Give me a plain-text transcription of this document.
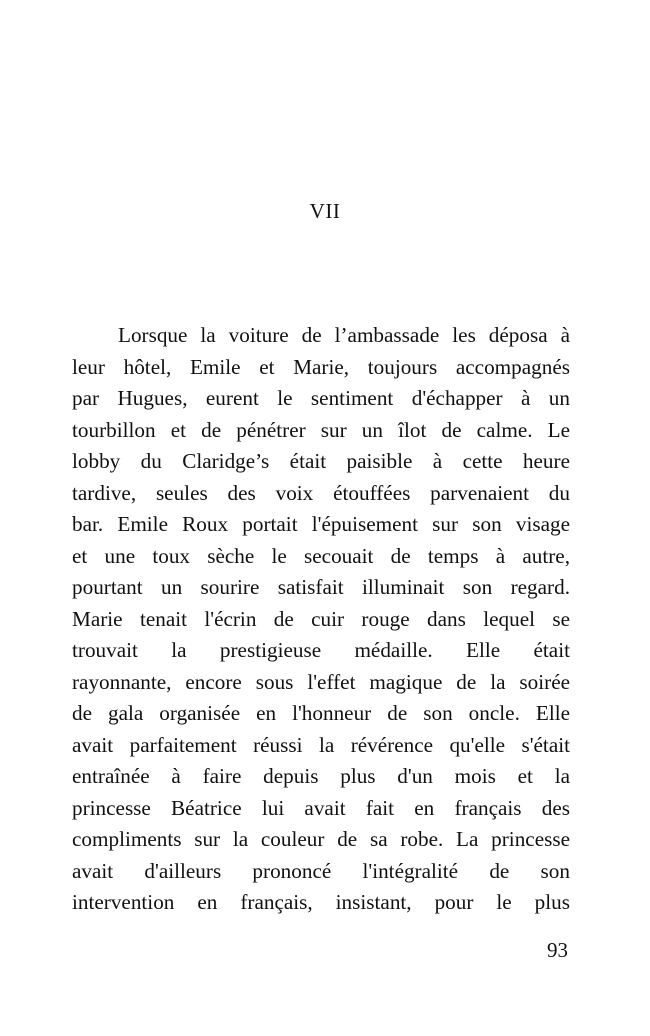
VII
Lorsque la voiture de l’ambassade les déposa à
leur hôtel, Emile et Marie, toujours accompagnés
par Hugues, eurent le sentiment d'échapper à un
tourbillon et de pénétrer sur un îlot de calme. Le
lobby du Claridge’s était paisible à cette heure
tardive, seules des voix étouffées parvenaient du
bar. Emile Roux portait l'épuisement sur son visage
et une toux sèche le secouait de temps à autre,
pourtant un sourire satisfait illuminait son regard.
Marie tenait l'écrin de cuir rouge dans lequel se
trouvait la prestigieuse médaille. Elle était
rayonnante, encore sous l'effet magique de la soirée
de gala organisée en l'honneur de son oncle. Elle
avait parfaitement réussi la révérence qu'elle s'était
entraînée à faire depuis plus d'un mois et la
princesse Béatrice lui avait fait en français des
compliments sur la couleur de sa robe. La princesse
avait d'ailleurs prononcé l'intégralité de son
intervention en français, insistant, pour le plus
93
